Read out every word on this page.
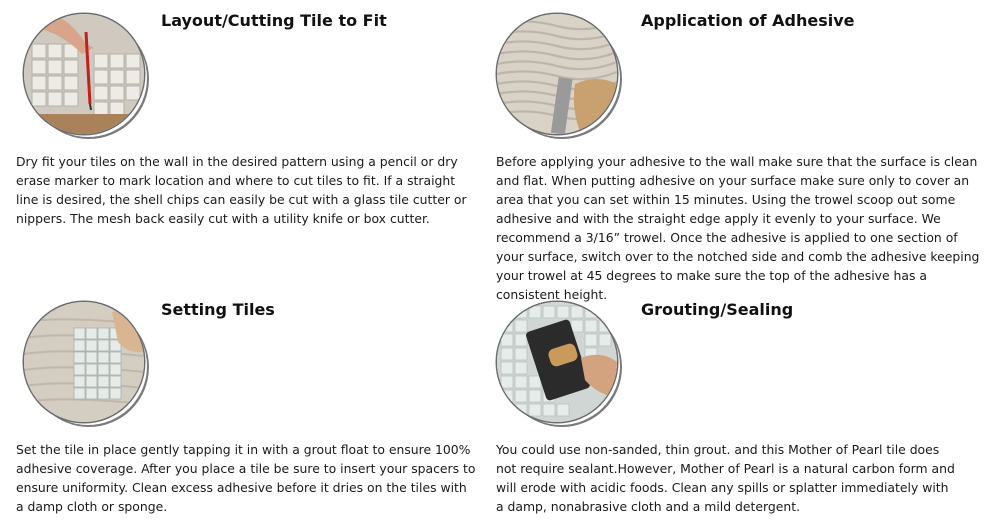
Layout/Cutting Tile to Fit
Dry fit your tiles on the wall in the desired pattern using a pencil or dry erase marker to mark location and where to cut tiles to fit. If a straight line is desired, the shell chips can easily be cut with a glass tile cutter or nippers. The mesh back easily cut with a utility knife or box cutter.
Application of Adhesive
Before applying your adhesive to the wall make sure that the surface is clean and flat. When putting adhesive on your surface make sure only to cover an area that you can set within 15 minutes. Using the trowel scoop out some adhesive and with the straight edge apply it evenly to your surface. We recommend a 3/16” trowel. Once the adhesive is applied to one section of your surface, switch over to the notched side and comb the adhesive keeping your trowel at 45 degrees to make sure the top of the adhesive has a consistent height.
Setting Tiles
Set the tile in place gently tapping it in with a grout float to ensure 100% adhesive coverage. After you place a tile be sure to insert your spacers to ensure uniformity. Clean excess adhesive before it dries on the tiles with a damp cloth or sponge.
Grouting/Sealing
You could use non-sanded, thin grout. and this Mother of Pearl tile does not require sealant.However, Mother of Pearl is a natural carbon form and will erode with acidic foods. Clean any spills or splatter immediately with a damp, nonabrasive cloth and a mild detergent.
